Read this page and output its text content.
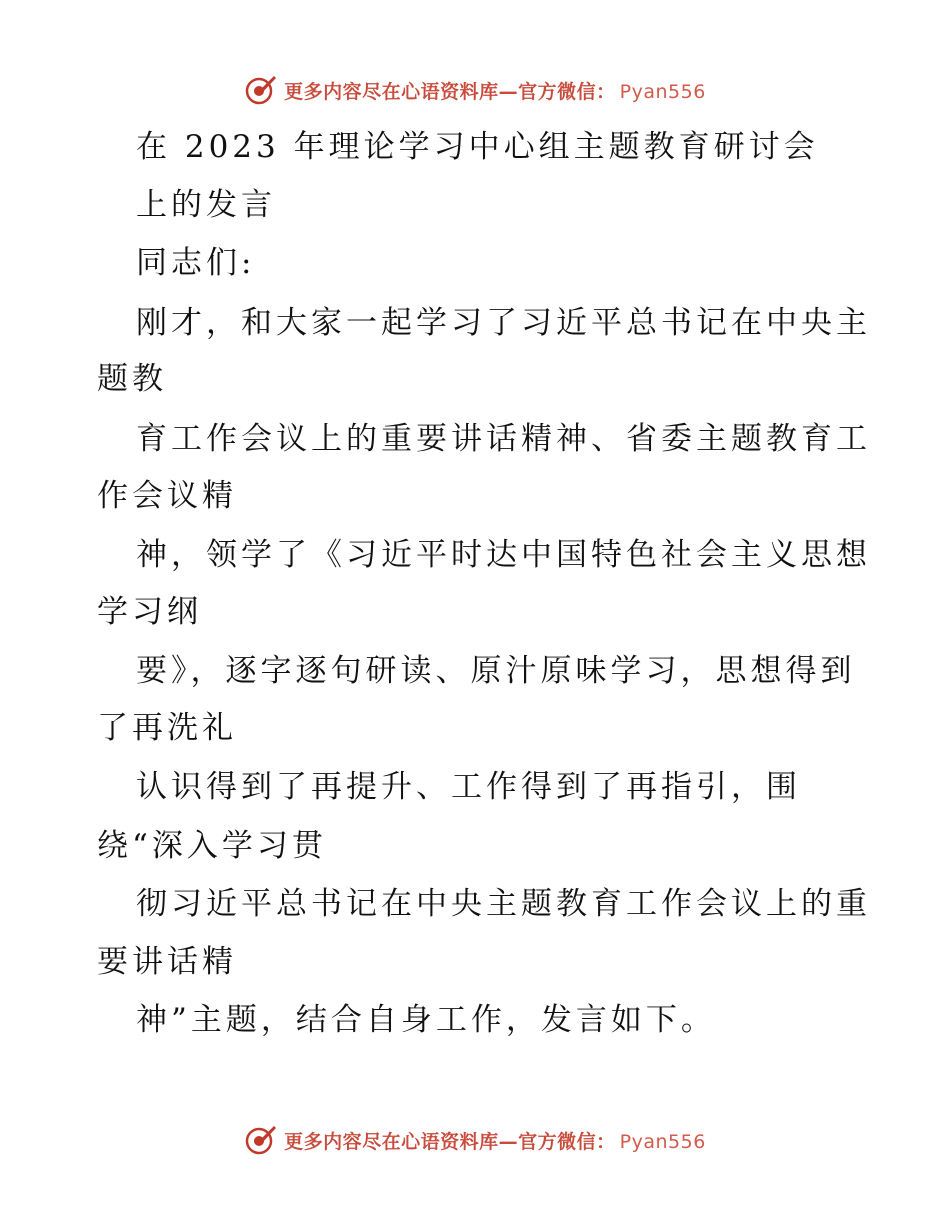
更多内容尽在心语资料库—官方微信： Pyan556
在 2023 年理论学习中心组主题教育研讨会
上的发言
同志们:
刚才，和大家一起学习了习近平总书记在中央主
题教
育工作会议上的重要讲话精神、省委主题教育工
作会议精
神，领学了《习近平时达中国特色社会主义思想
学习纲
要》，逐字逐句研读、原汁原味学习，思想得到
了再洗礼
认识得到了再提升、工作得到了再指引，围
绕“深入学习贯
彻习近平总书记在中央主题教育工作会议上的重
要讲话精
神”主题，结合自身工作，发言如下。
更多内容尽在心语资料库—官方微信： Pyan556
